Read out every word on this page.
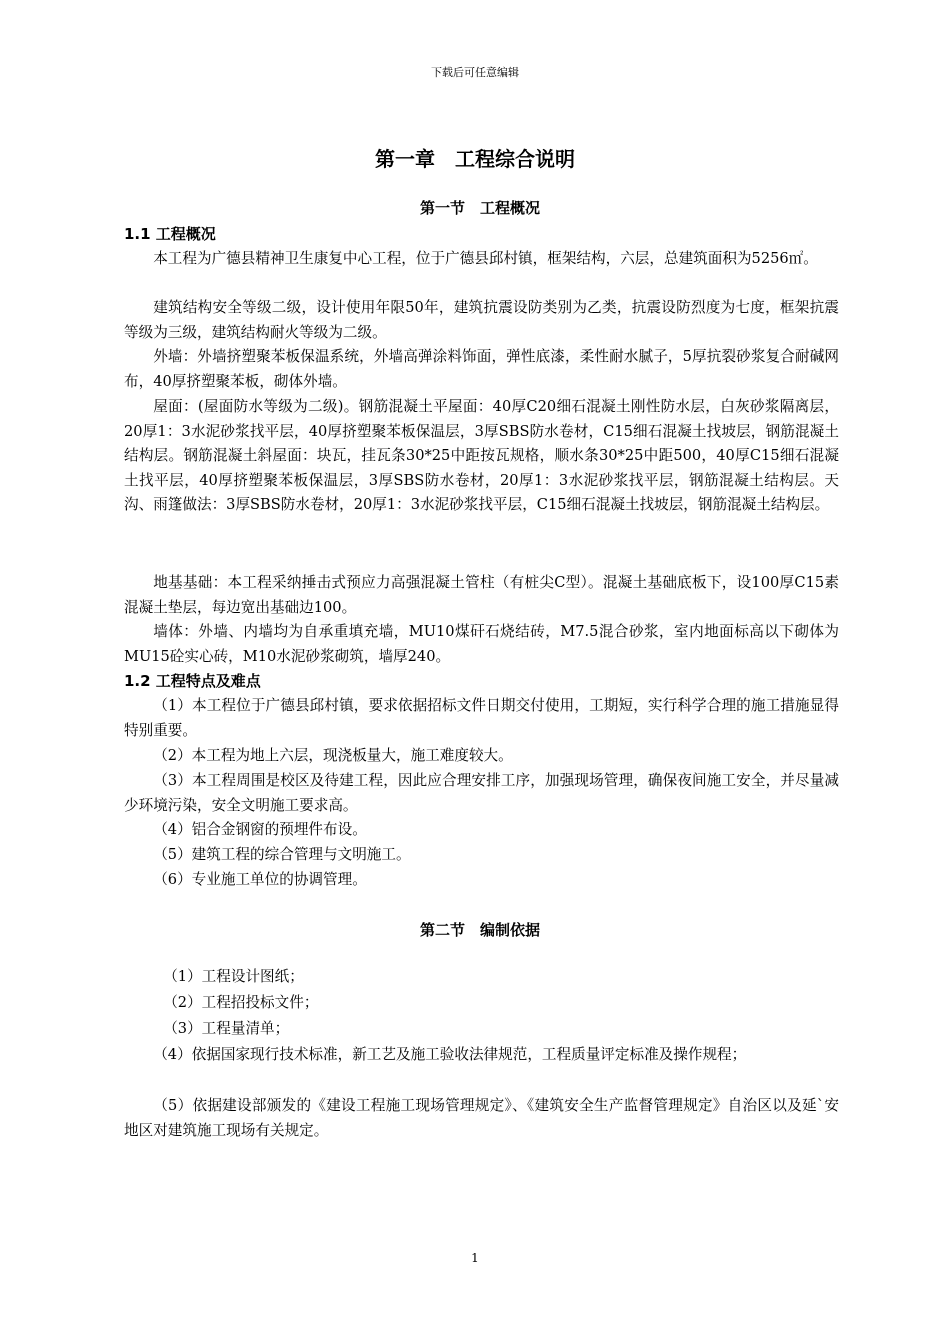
下载后可任意编辑
第一章　工程综合说明
第一节　工程概况
1.1 工程概况

本工程为广德县精神卫生康复中心工程，位于广德县邱村镇，框架结构，六层，总建筑面积为5256㎡。

建筑结构安全等级二级，设计使用年限50年，建筑抗震设防类别为乙类，抗震设防烈度为七度，框架抗震等级为三级，建筑结构耐火等级为二级。

外墙：外墙挤塑聚苯板保温系统，外墙高弹涂料饰面，弹性底漆，柔性耐水腻子，5厚抗裂砂浆复合耐碱网布，40厚挤塑聚苯板，砌体外墙。

屋面：(屋面防水等级为二级)。钢筋混凝土平屋面：40厚C20细石混凝土刚性防水层，白灰砂浆隔离层，20厚1：3水泥砂浆找平层，40厚挤塑聚苯板保温层，3厚SBS防水卷材，C15细石混凝土找坡层，钢筋混凝土结构层。钢筋混凝土斜屋面：块瓦，挂瓦条30*25中距按瓦规格，顺水条30*25中距500，40厚C15细石混凝土找平层，40厚挤塑聚苯板保温层，3厚SBS防水卷材，20厚1：3水泥砂浆找平层，钢筋混凝土结构层。天沟、雨篷做法：3厚SBS防水卷材，20厚1：3水泥砂浆找平层，C15细石混凝土找坡层，钢筋混凝土结构层。

地基基础：本工程采纳捶击式预应力高强混凝土管柱（有桩尖C型）。混凝土基础底板下，设100厚C15素混凝土垫层，每边宽出基础边100。

墙体：外墙、内墙均为自承重填充墙，MU10煤矸石烧结砖，M7.5混合砂浆，室内地面标高以下砌体为MU15砼实心砖，M10水泥砂浆砌筑，墙厚240。

1.2 工程特点及难点

（1）本工程位于广德县邱村镇，要求依据招标文件日期交付使用，工期短，实行科学合理的施工措施显得特别重要。

（2）本工程为地上六层，现浇板量大，施工难度较大。

（3）本工程周围是校区及待建工程，因此应合理安排工序，加强现场管理，确保夜间施工安全，并尽量减少环境污染，安全文明施工要求高。

（4）铝合金钢窗的预埋件布设。

（5）建筑工程的综合管理与文明施工。

（6）专业施工单位的协调管理。

第二节　编制依据

（1）工程设计图纸；

（2）工程招投标文件；

（3）工程量清单；

（4）依据国家现行技术标准，新工艺及施工验收法律规范，工程质量评定标准及操作规程；

（5）依据建设部颁发的《建设工程施工现场管理规定》、《建筑安全生产监督管理规定》自治区以及延`安地区对建筑施工现场有关规定。

1
